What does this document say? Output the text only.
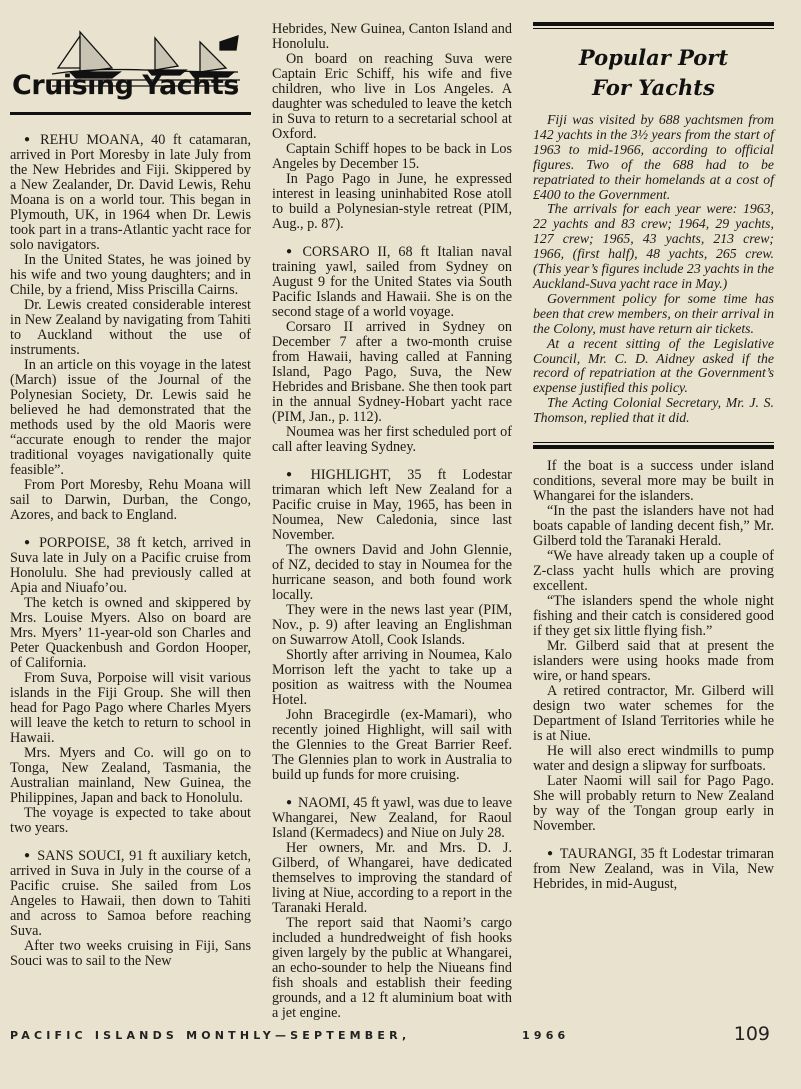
Cruising Yachts

● REHU MOANA, 40 ft catamaran, arrived in Port Moresby in late July from the New Hebrides and Fiji. Skippered by a New Zealander, Dr. David Lewis, Rehu Moana is on a world tour. This began in Plymouth, UK, in 1964 when Dr. Lewis took part in a trans-Atlantic yacht race for solo navigators.

In the United States, he was joined by his wife and two young daughters; and in Chile, by a friend, Miss Priscilla Cairns.

Dr. Lewis created considerable interest in New Zealand by navigating from Tahiti to Auckland without the use of instruments.

In an article on this voyage in the latest (March) issue of the Journal of the Polynesian Society, Dr. Lewis said he believed he had demonstrated that the methods used by the old Maoris were “accurate enough to render the major traditional voyages navigationally quite feasible”.

From Port Moresby, Rehu Moana will sail to Darwin, Durban, the Congo, Azores, and back to England.

● PORPOISE, 38 ft ketch, arrived in Suva late in July on a Pacific cruise from Honolulu. She had previously called at Apia and Niuafo’ou.

The ketch is owned and skippered by Mrs. Louise Myers. Also on board are Mrs. Myers’ 11-year-old son Charles and Peter Quackenbush and Gordon Hooper, of California.

From Suva, Porpoise will visit various islands in the Fiji Group. She will then head for Pago Pago where Charles Myers will leave the ketch to return to school in Hawaii.

Mrs. Myers and Co. will go on to Tonga, New Zealand, Tasmania, the Australian mainland, New Guinea, the Philippines, Japan and back to Honolulu.

The voyage is expected to take about two years.

● SANS SOUCI, 91 ft auxiliary ketch, arrived in Suva in July in the course of a Pacific cruise. She sailed from Los Angeles to Hawaii, then down to Tahiti and across to Samoa before reaching Suva.

After two weeks cruising in Fiji, Sans Souci was to sail to the New

Hebrides, New Guinea, Canton Island and Honolulu.

On board on reaching Suva were Captain Eric Schiff, his wife and five children, who live in Los Angeles. A daughter was scheduled to leave the ketch in Suva to return to a secretarial school at Oxford.

Captain Schiff hopes to be back in Los Angeles by December 15.

In Pago Pago in June, he expressed interest in leasing uninhabited Rose atoll to build a Polynesian-style retreat (PIM, Aug., p. 87).

● CORSARO II, 68 ft Italian naval training yawl, sailed from Sydney on August 9 for the United States via South Pacific Islands and Hawaii. She is on the second stage of a world voyage.

Corsaro II arrived in Sydney on December 7 after a two-month cruise from Hawaii, having called at Fanning Island, Pago Pago, Suva, the New Hebrides and Brisbane. She then took part in the annual Sydney-Hobart yacht race (PIM, Jan., p. 112).

Noumea was her first scheduled port of call after leaving Sydney.

● HIGHLIGHT, 35 ft Lodestar trimaran which left New Zealand for a Pacific cruise in May, 1965, has been in Noumea, New Caledonia, since last November.

The owners David and John Glennie, of NZ, decided to stay in Noumea for the hurricane season, and both found work locally.

They were in the news last year (PIM, Nov., p. 9) after leaving an Englishman on Suwarrow Atoll, Cook Islands.

Shortly after arriving in Noumea, Kalo Morrison left the yacht to take up a position as waitress with the Noumea Hotel.

John Bracegirdle (ex-Mamari), who recently joined Highlight, will sail with the Glennies to the Great Barrier Reef. The Glennies plan to work in Australia to build up funds for more cruising.

● NAOMI, 45 ft yawl, was due to leave Whangarei, New Zealand, for Raoul Island (Kermadecs) and Niue on July 28.

Her owners, Mr. and Mrs. D. J. Gilberd, of Whangarei, have dedicated themselves to improving the standard of living at Niue, according to a report in the Taranaki Herald.

The report said that Naomi’s cargo included a hundredweight of fish hooks given largely by the public at Whangarei, an echo-sounder to help the Niueans find fish shoals and establish their feeding grounds, and a 12 ft aluminium boat with a jet engine.

Popular Port
For Yachts

Fiji was visited by 688 yachtsmen from 142 yachts in the 3½ years from the start of 1963 to mid-1966, according to official figures. Two of the 688 had to be repatriated to their homelands at a cost of £400 to the Government.

The arrivals for each year were: 1963, 22 yachts and 83 crew; 1964, 29 yachts, 127 crew; 1965, 43 yachts, 213 crew; 1966, (first half), 48 yachts, 265 crew. (This year’s figures include 23 yachts in the Auckland-Suva yacht race in May.)

Government policy for some time has been that crew members, on their arrival in the Colony, must have return air tickets.

At a recent sitting of the Legislative Council, Mr. C. D. Aidney asked if the record of repatriation at the Government’s expense justified this policy.

The Acting Colonial Secretary, Mr. J. S. Thomson, replied that it did.

If the boat is a success under island conditions, several more may be built in Whangarei for the islanders.

“In the past the islanders have not had boats capable of landing decent fish,” Mr. Gilberd told the Taranaki Herald.

“We have already taken up a couple of Z-class yacht hulls which are proving excellent.

“The islanders spend the whole night fishing and their catch is considered good if they get six little flying fish.”

Mr. Gilberd said that at present the islanders were using hooks made from wire, or hand spears.

A retired contractor, Mr. Gilberd will design two water schemes for the Department of Island Territories while he is at Niue.

He will also erect windmills to pump water and design a slipway for surfboats.

Later Naomi will sail for Pago Pago. She will probably return to New Zealand by way of the Tongan group early in November.

● TAURANGI, 35 ft Lodestar trimaran from New Zealand, was in Vila, New Hebrides, in mid-August,

PACIFIC ISLANDS MONTHLY—SEPTEMBER,	1966	109
